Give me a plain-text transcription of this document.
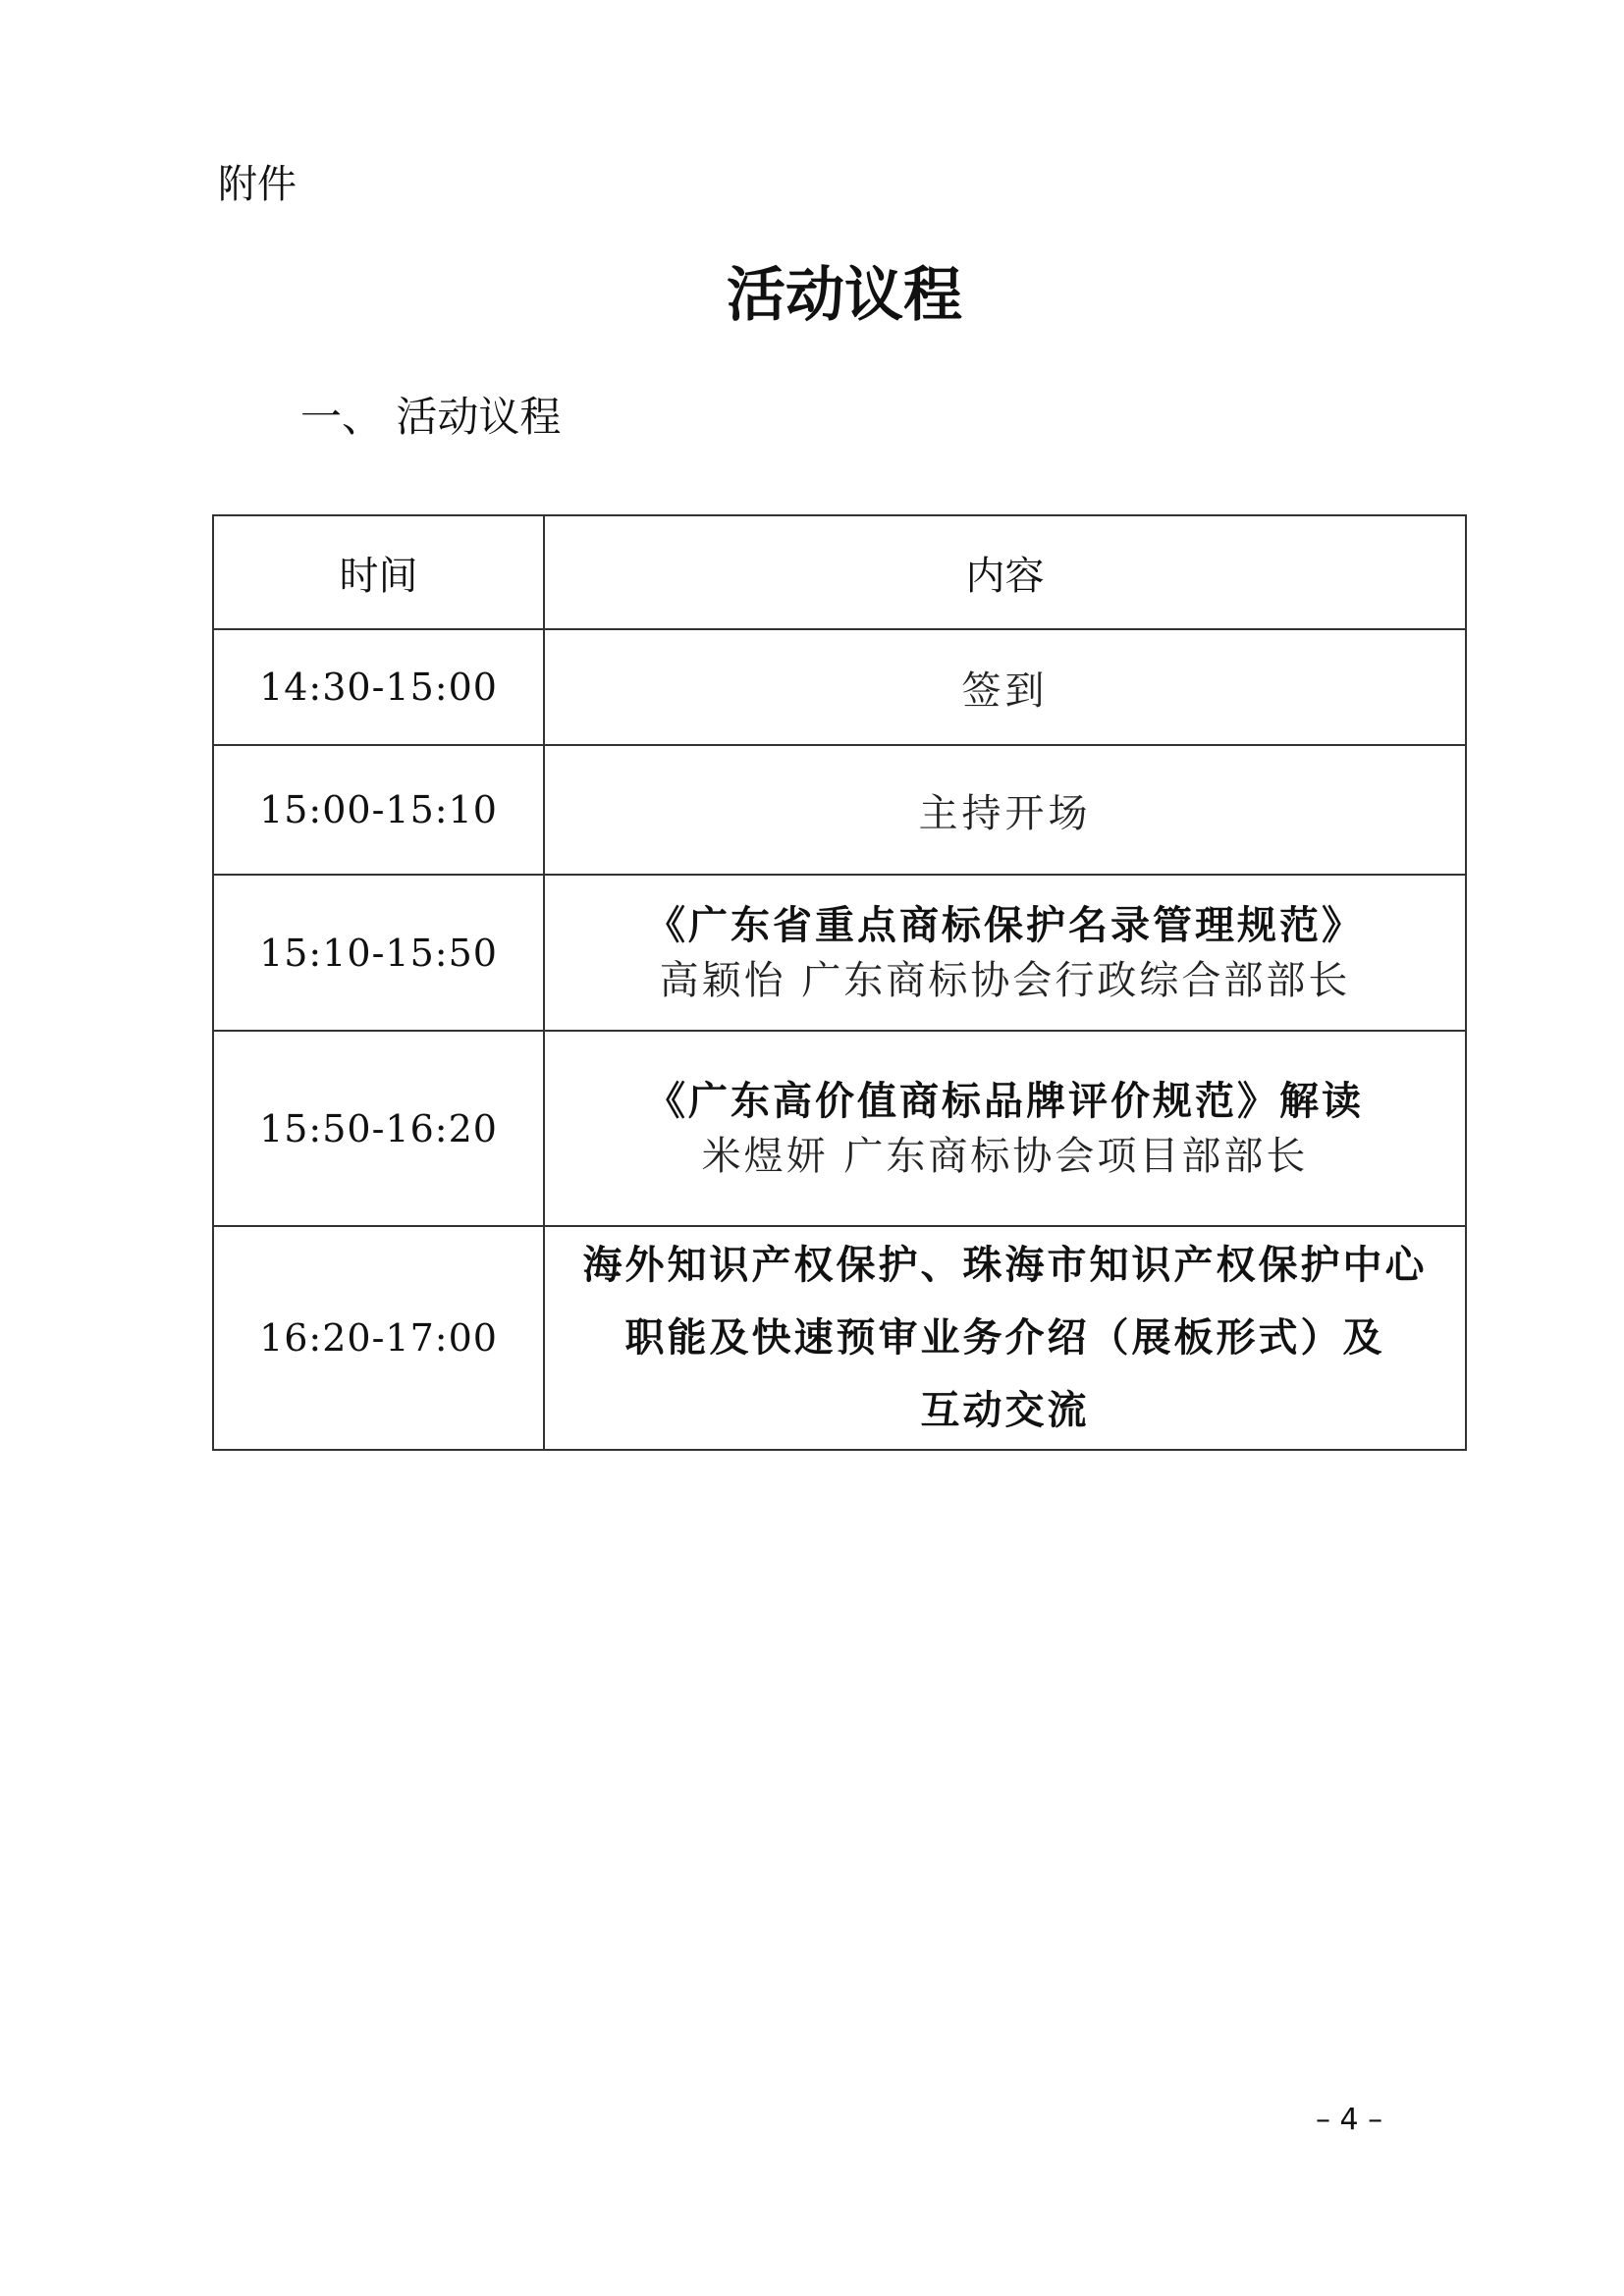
附件
活动议程
一、 活动议程
时间	内容
14:30-15:00	签到
15:00-15:10	主持开场
15:10-15:50	《广东省重点商标保护名录管理规范》
高颖怡 广东商标协会行政综合部部长

15:50-16:20	《广东高价值商标品牌评价规范》解读
米煜妍 广东商标协会项目部部长

16:20-17:00	海外知识产权保护、珠海市知识产权保护中心
职能及快速预审业务介绍（展板形式）及
互动交流
– 4 –
